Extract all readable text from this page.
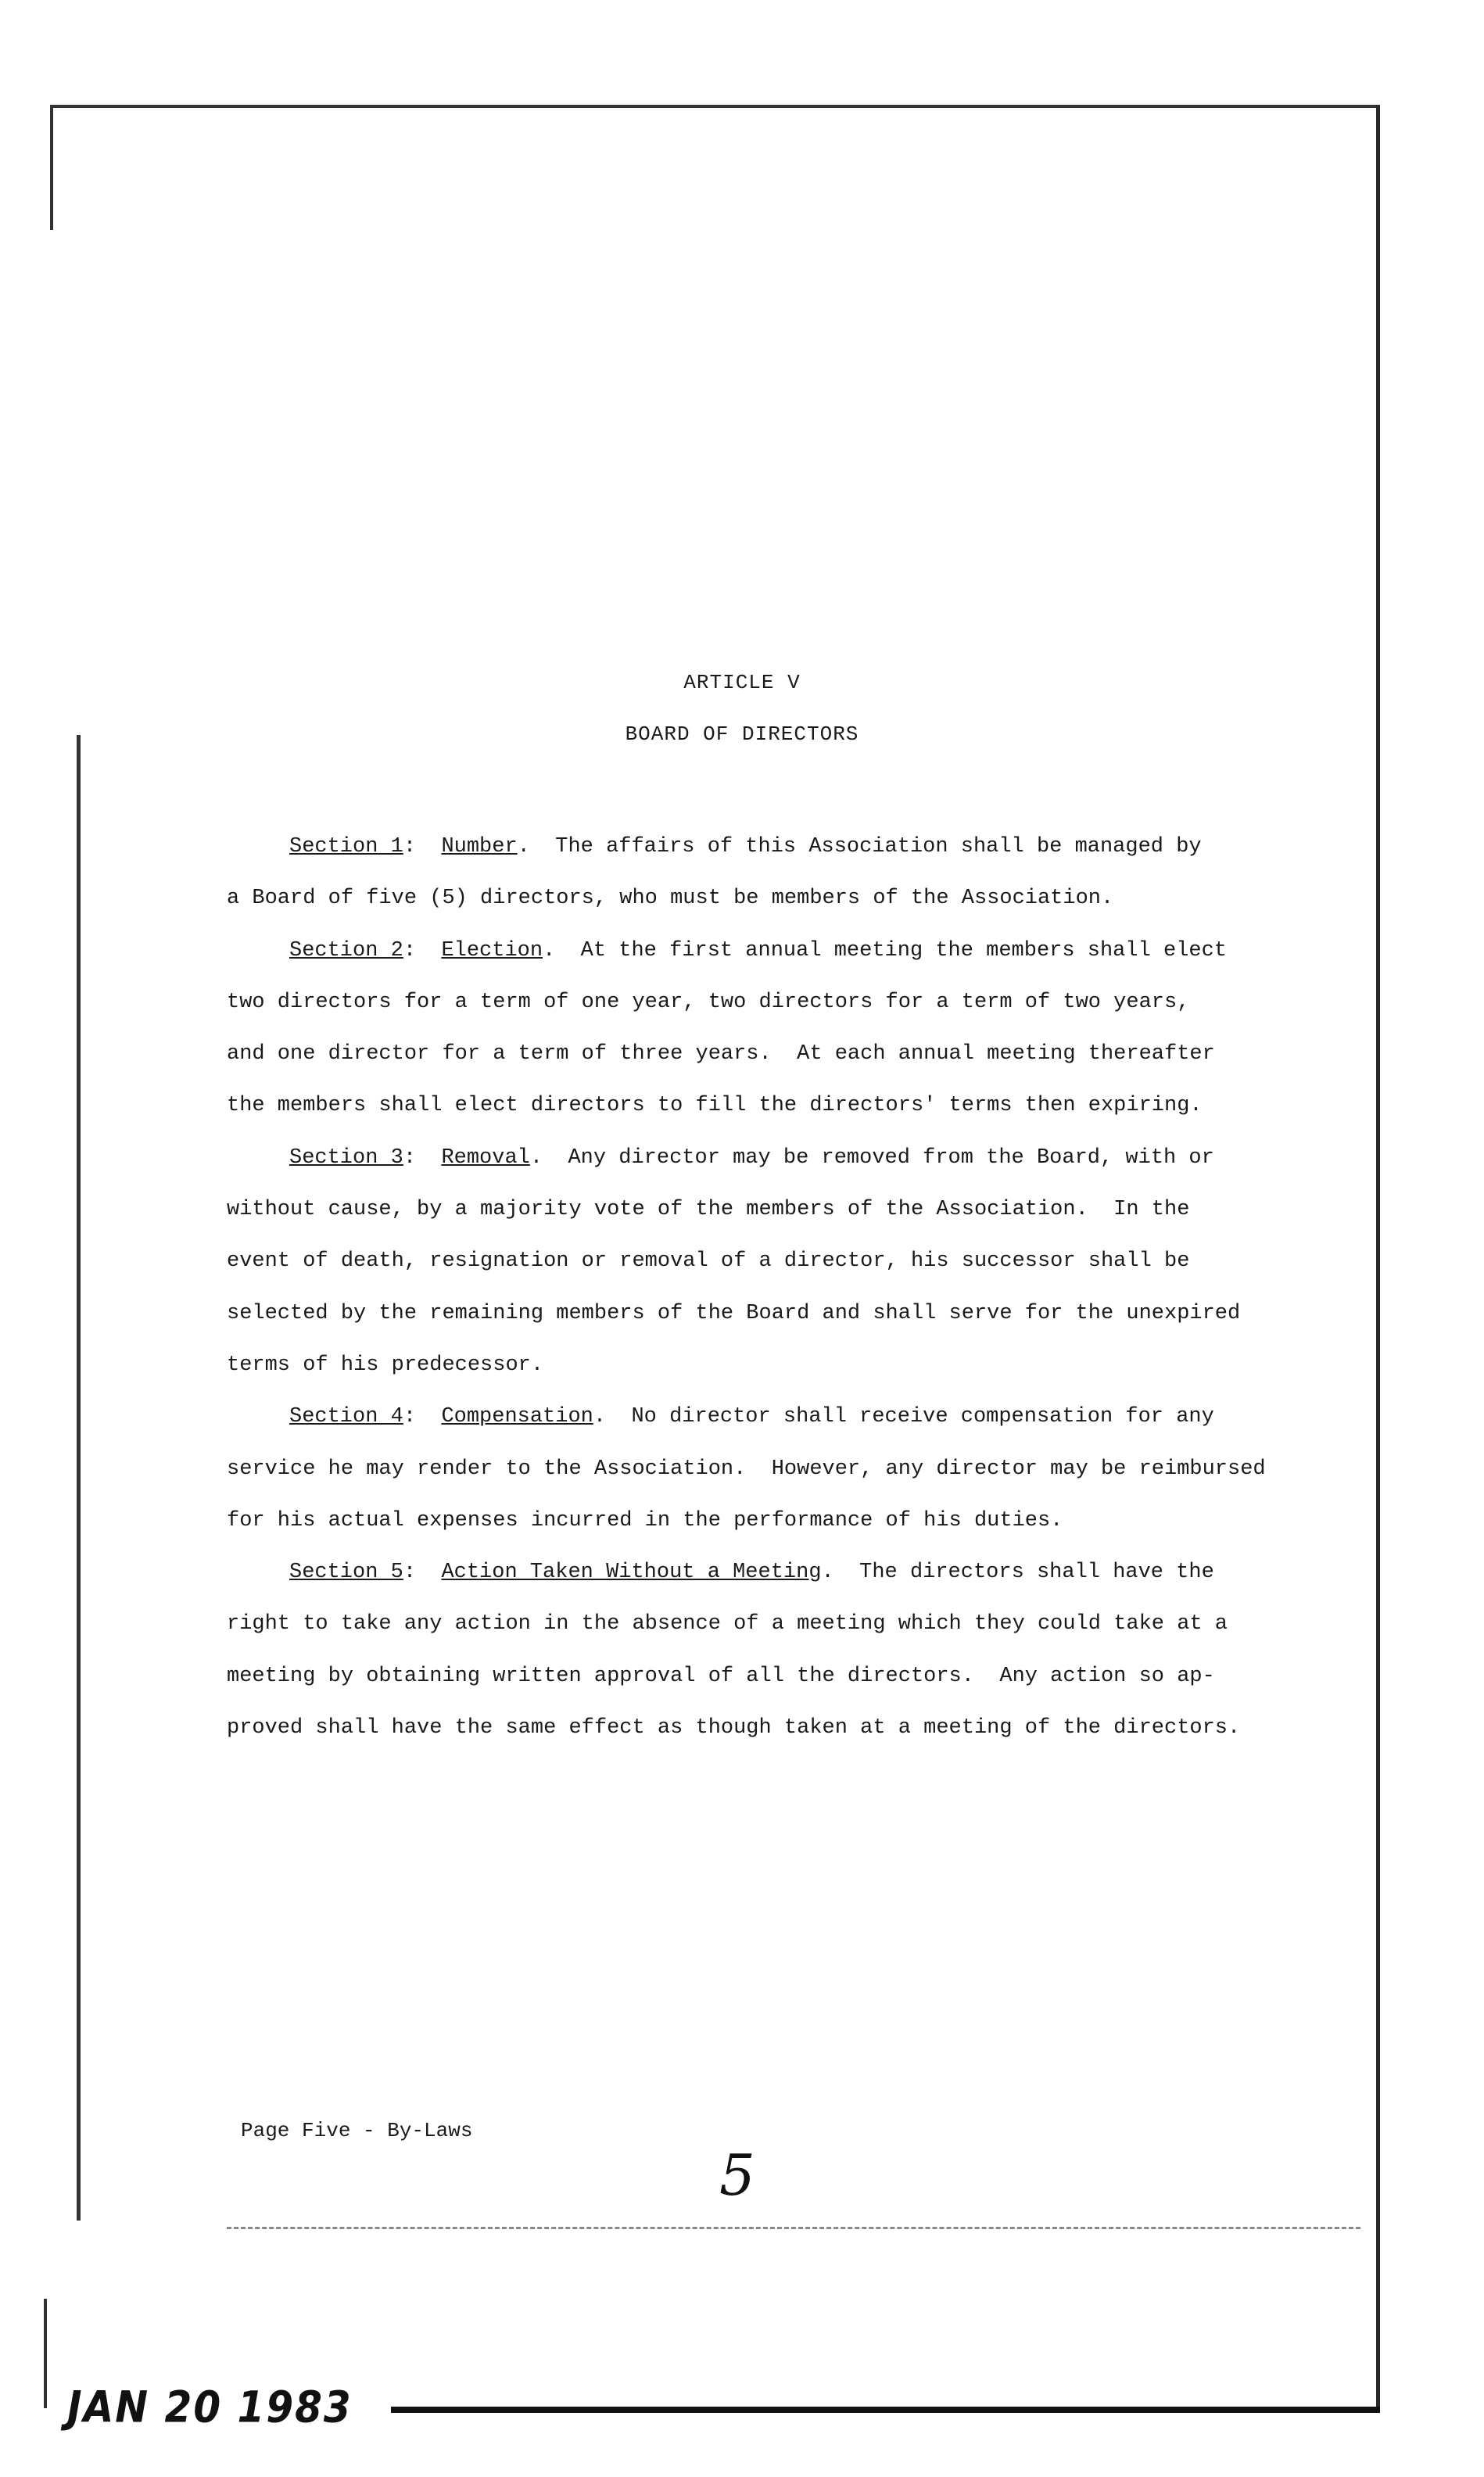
ARTICLE V
BOARD OF DIRECTORS
Section 1:  Number.  The affairs of this Association shall be managed by
a Board of five (5) directors, who must be members of the Association.
Section 2:  Election.  At the first annual meeting the members shall elect
two directors for a term of one year, two directors for a term of two years,
and one director for a term of three years.  At each annual meeting thereafter
the members shall elect directors to fill the directors' terms then expiring.
Section 3:  Removal.  Any director may be removed from the Board, with or
without cause, by a majority vote of the members of the Association.  In the
event of death, resignation or removal of a director, his successor shall be
selected by the remaining members of the Board and shall serve for the unexpired
terms of his predecessor.
Section 4:  Compensation.  No director shall receive compensation for any
service he may render to the Association.  However, any director may be reimbursed
for his actual expenses incurred in the performance of his duties.
Section 5:  Action Taken Without a Meeting.  The directors shall have the
right to take any action in the absence of a meeting which they could take at a
meeting by obtaining written approval of all the directors.  Any action so ap-
proved shall have the same effect as though taken at a meeting of the directors.
Page Five - By-Laws
5
JAN 20 1983
